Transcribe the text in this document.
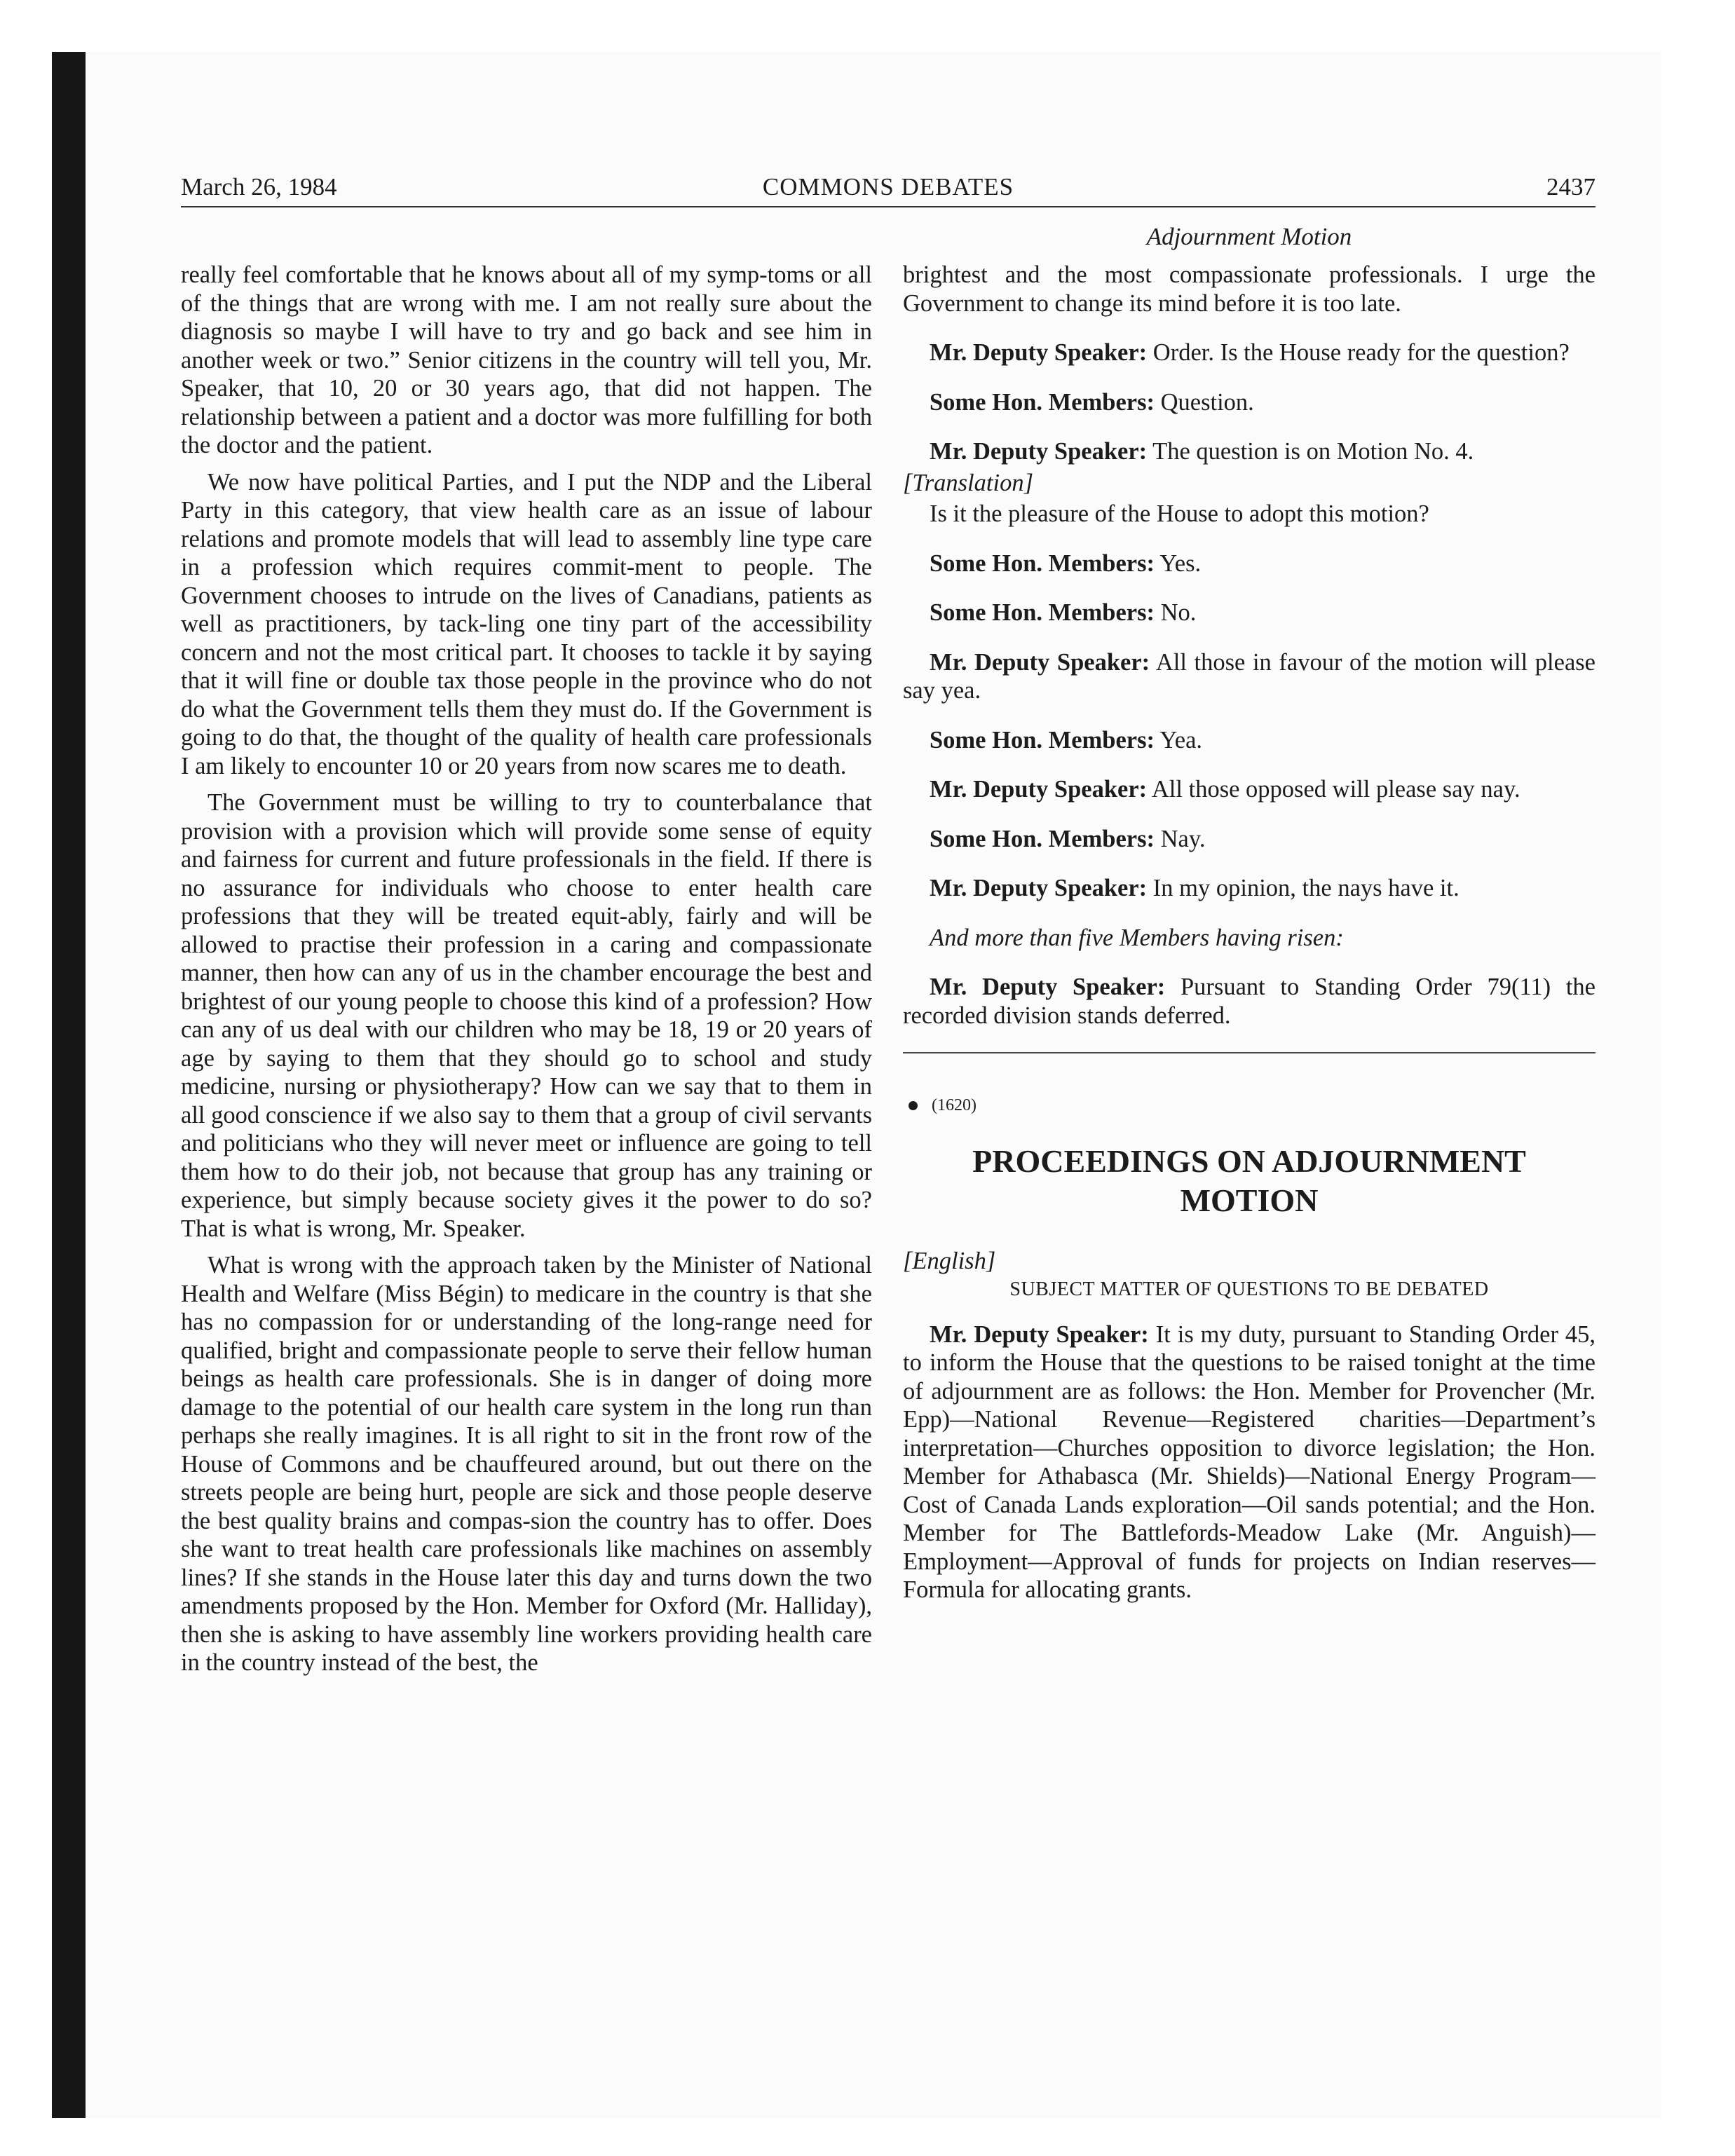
March 26, 1984	COMMONS DEBATES	2437
Adjournment Motion

really feel comfortable that he knows about all of my symp-toms or all of the things that are wrong with me. I am not really sure about the diagnosis so maybe I will have to try and go back and see him in another week or two.” Senior citizens in the country will tell you, Mr. Speaker, that 10, 20 or 30 years ago, that did not happen. The relationship between a patient and a doctor was more fulfilling for both the doctor and the patient.

We now have political Parties, and I put the NDP and the Liberal Party in this category, that view health care as an issue of labour relations and promote models that will lead to assembly line type care in a profession which requires commit-ment to people. The Government chooses to intrude on the lives of Canadians, patients as well as practitioners, by tack-ling one tiny part of the accessibility concern and not the most critical part. It chooses to tackle it by saying that it will fine or double tax those people in the province who do not do what the Government tells them they must do. If the Government is going to do that, the thought of the quality of health care professionals I am likely to encounter 10 or 20 years from now scares me to death.

The Government must be willing to try to counterbalance that provision with a provision which will provide some sense of equity and fairness for current and future professionals in the field. If there is no assurance for individuals who choose to enter health care professions that they will be treated equit-ably, fairly and will be allowed to practise their profession in a caring and compassionate manner, then how can any of us in the chamber encourage the best and brightest of our young people to choose this kind of a profession? How can any of us deal with our children who may be 18, 19 or 20 years of age by saying to them that they should go to school and study medicine, nursing or physiotherapy? How can we say that to them in all good conscience if we also say to them that a group of civil servants and politicians who they will never meet or influence are going to tell them how to do their job, not because that group has any training or experience, but simply because society gives it the power to do so? That is what is wrong, Mr. Speaker.

What is wrong with the approach taken by the Minister of National Health and Welfare (Miss Bégin) to medicare in the country is that she has no compassion for or understanding of the long-range need for qualified, bright and compassionate people to serve their fellow human beings as health care professionals. She is in danger of doing more damage to the potential of our health care system in the long run than perhaps she really imagines. It is all right to sit in the front row of the House of Commons and be chauffeured around, but out there on the streets people are being hurt, people are sick and those people deserve the best quality brains and compas-sion the country has to offer. Does she want to treat health care professionals like machines on assembly lines? If she stands in the House later this day and turns down the two amendments proposed by the Hon. Member for Oxford (Mr. Halliday), then she is asking to have assembly line workers providing health care in the country instead of the best, the

brightest and the most compassionate professionals. I urge the Government to change its mind before it is too late.

Mr. Deputy Speaker: Order. Is the House ready for the question?

Some Hon. Members: Question.

Mr. Deputy Speaker: The question is on Motion No. 4.

[Translation]

Is it the pleasure of the House to adopt this motion?

Some Hon. Members: Yes.

Some Hon. Members: No.

Mr. Deputy Speaker: All those in favour of the motion will please say yea.

Some Hon. Members: Yea.

Mr. Deputy Speaker: All those opposed will please say nay.

Some Hon. Members: Nay.

Mr. Deputy Speaker: In my opinion, the nays have it.

And more than five Members having risen:

Mr. Deputy Speaker: Pursuant to Standing Order 79(11) the recorded division stands deferred.

(1620)
PROCEEDINGS ON ADJOURNMENT
MOTION

[English]

SUBJECT MATTER OF QUESTIONS TO BE DEBATED

Mr. Deputy Speaker: It is my duty, pursuant to Standing Order 45, to inform the House that the questions to be raised tonight at the time of adjournment are as follows: the Hon. Member for Provencher (Mr. Epp)—National Revenue—Registered charities—Department’s interpretation—Churches opposition to divorce legislation; the Hon. Member for Athabasca (Mr. Shields)—National Energy Program—Cost of Canada Lands exploration—Oil sands potential; and the Hon. Member for The Battlefords-Meadow Lake (Mr. Anguish)—Employment—Approval of funds for projects on Indian reserves—Formula for allocating grants.
